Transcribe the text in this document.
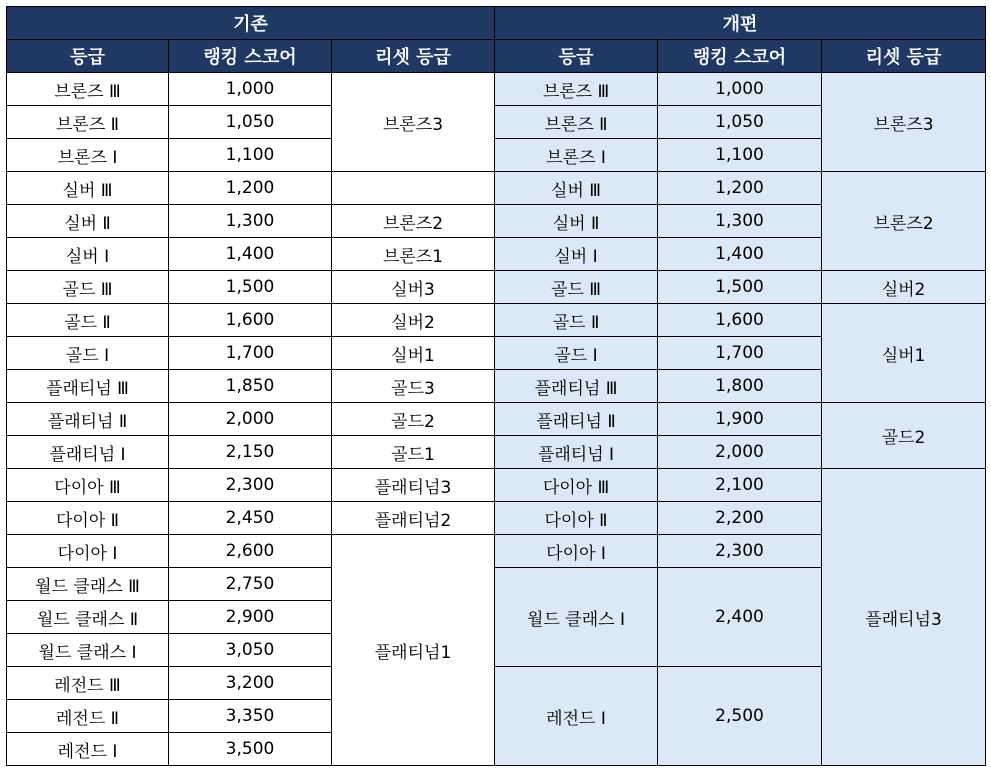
기존			개편		
등급	랭킹 스코어	리셋 등급	등급	랭킹 스코어	리셋 등급
브론즈 Ⅲ	1,000	브론즈3	브론즈 Ⅲ	1,000	브론즈3
브론즈 Ⅱ	1,050		브론즈 Ⅱ	1,050	
브론즈 Ⅰ	1,100		브론즈 Ⅰ	1,100	
실버 Ⅲ	1,200		실버 Ⅲ	1,200	브론즈2
실버 Ⅱ	1,300	브론즈2	실버 Ⅱ	1,300	
실버 Ⅰ	1,400	브론즈1	실버 Ⅰ	1,400	
골드 Ⅲ	1,500	실버3	골드 Ⅲ	1,500	실버2
골드 Ⅱ	1,600	실버2	골드 Ⅱ	1,600	실버1
골드 Ⅰ	1,700	실버1	골드 Ⅰ	1,700	
플래티넘 Ⅲ	1,850	골드3	플래티넘 Ⅲ	1,800	
플래티넘 Ⅱ	2,000	골드2	플래티넘 Ⅱ	1,900	골드2
플래티넘 Ⅰ	2,150	골드1	플래티넘 Ⅰ	2,000	
다이아 Ⅲ	2,300	플래티넘3	다이아 Ⅲ	2,100	플래티넘3
다이아 Ⅱ	2,450	플래티넘2	다이아 Ⅱ	2,200	
다이아 Ⅰ	2,600	플래티넘1	다이아 Ⅰ	2,300	
월드 클래스 Ⅲ	2,750		월드 클래스 Ⅰ	2,400	
월드 클래스 Ⅱ	2,900				
월드 클래스 Ⅰ	3,050				
레전드 Ⅲ	3,200		레전드 Ⅰ	2,500	
레전드 Ⅱ	3,350				
레전드 Ⅰ	3,500				
